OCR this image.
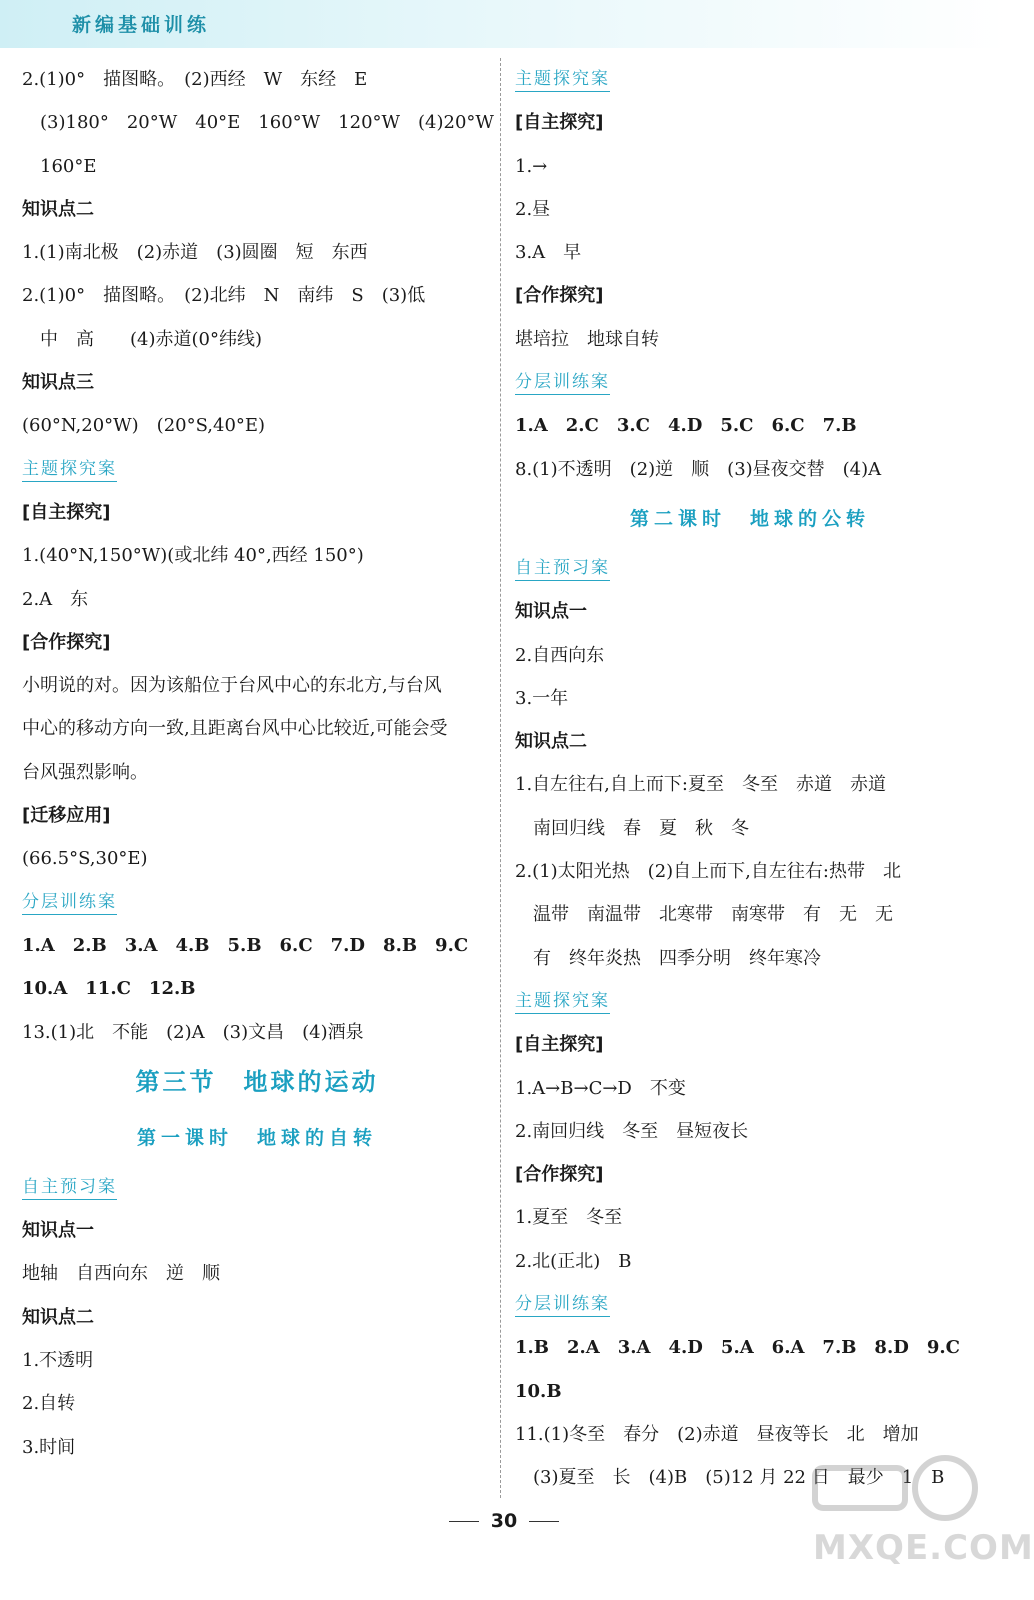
新编基础训练
2.(1)0°　描图略。　(2)西经　W　东经　E
(3)180°　20°W　40°E　160°W　120°W　(4)20°W
160°E
知识点二
1.(1)南北极　(2)赤道　(3)圆圈　短　东西
2.(1)0°　描图略。　(2)北纬　N　南纬　S　(3)低
中　高　　(4)赤道(0°纬线)
知识点三
(60°N,20°W)　(20°S,40°E)
主题探究案
[自主探究]
1.(40°N,150°W)(或北纬 40°,西经 150°)
2.A　东
[合作探究]
小明说的对。因为该船位于台风中心的东北方,与台风
中心的移动方向一致,且距离台风中心比较近,可能会受
台风强烈影响。
[迁移应用]
(66.5°S,30°E)
分层训练案
1.A　2.B　3.A　4.B　5.B　6.C　7.D　8.B　9.C
10.A　11.C　12.B
13.(1)北　不能　(2)A　(3)文昌　(4)酒泉
第三节　地球的运动
第一课时　地球的自转
自主预习案
知识点一
地轴　自西向东　逆　顺
知识点二
1.不透明
2.自转
3.时间
主题探究案
[自主探究]
1.→
2.昼
3.A　早
[合作探究]
堪培拉　地球自转
分层训练案
1.A　2.C　3.C　4.D　5.C　6.C　7.B
8.(1)不透明　(2)逆　顺　(3)昼夜交替　(4)A
第二课时　地球的公转
自主预习案
知识点一
2.自西向东
3.一年
知识点二
1.自左往右,自上而下:夏至　冬至　赤道　赤道
南回归线　春　夏　秋　冬
2.(1)太阳光热　(2)自上而下,自左往右:热带　北
温带　南温带　北寒带　南寒带　有　无　无
有　终年炎热　四季分明　终年寒冷
主题探究案
[自主探究]
1.A→B→C→D　不变
2.南回归线　冬至　昼短夜长
[合作探究]
1.夏至　冬至
2.北(正北)　B
分层训练案
1.B　2.A　3.A　4.D　5.A　6.A　7.B　8.D　9.C
10.B
11.(1)冬至　春分　(2)赤道　昼夜等长　北　增加
(3)夏至　长　(4)B　(5)12 月 22 日　最少　1　B
30
MXQE.COM
